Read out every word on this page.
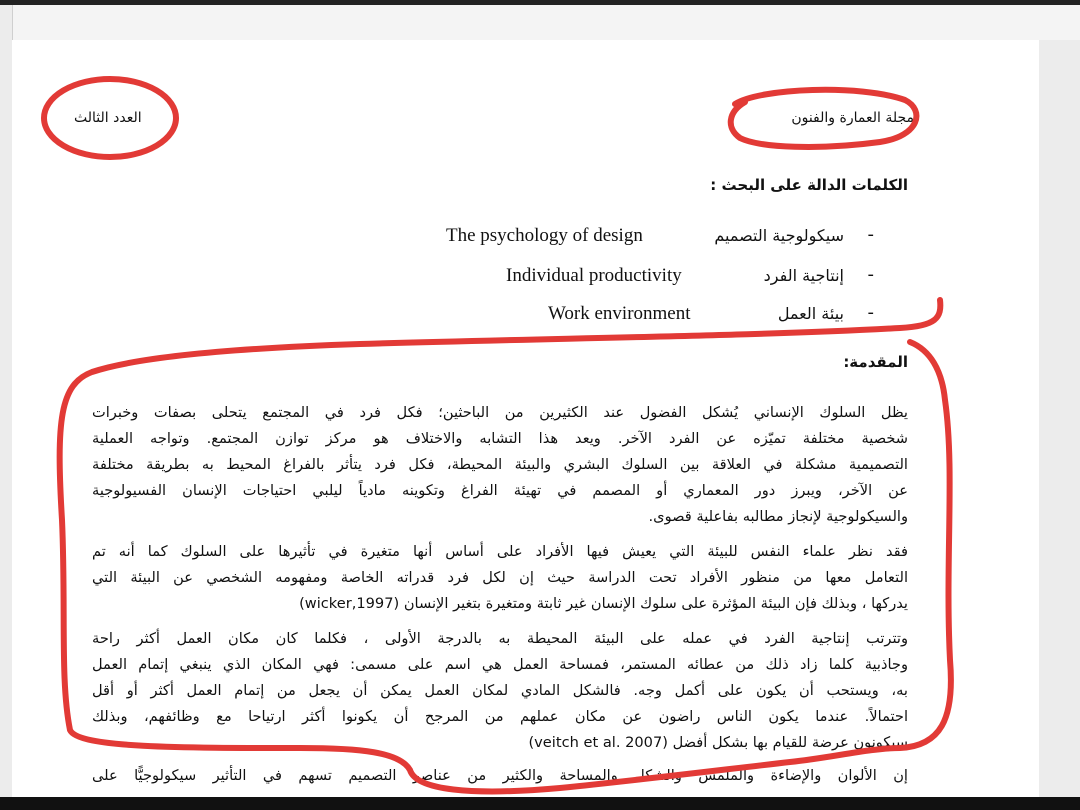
مجلة العمارة والفنون
العدد الثالث
الكلمات الدالة على البحث :
-
سيكولوجية التصميم
The psychology of design
-
إنتاجية الفرد
Individual productivity
-
بيئة العمل
Work environment
المقدمة:
يظل السلوك الإنساني يُشكل الفضول عند الكثيرين من الباحثين؛ فكل فرد في المجتمع يتحلى بصفات وخبرات
شخصية مختلفة تميّزه عن الفرد الآخر. ويعد هذا التشابه والاختلاف هو مركز توازن المجتمع. وتواجه العملية
التصميمية مشكلة في العلاقة بين السلوك البشري والبيئة المحيطة، فكل فرد يتأثر بالفراغ المحيط به بطريقة مختلفة
عن الآخر، ويبرز دور المعماري أو المصمم في تهيئة الفراغ وتكوينه مادياً ليلبي احتياجات الإنسان الفسيولوجية
والسيكولوجية لإنجاز مطالبه بفاعلية قصوى.
فقد نظر علماء النفس للبيئة التي يعيش فيها الأفراد على أساس أنها متغيرة في تأثيرها على السلوك كما أنه تم
التعامل معها من منظور الأفراد تحت الدراسة حيث إن لكل فرد قدراته الخاصة ومفهومه الشخصي عن البيئة التي
يدركها ، وبذلك فإن البيئة المؤثرة على سلوك الإنسان غير ثابتة ومتغيرة بتغير الإنسان (wicker,1997)
وتترتب إنتاجية الفرد في عمله على البيئة المحيطة به بالدرجة الأولى ، فكلما كان مكان العمل أكثر راحة
وجاذبية كلما زاد ذلك من عطائه المستمر، فمساحة العمل هي اسم على مسمى: فهي المكان الذي ينبغي إتمام العمل
به، ويستحب أن يكون على أكمل وجه. فالشكل المادي لمكان العمل يمكن أن يجعل من إتمام العمل أكثر أو أقل
احتمالاً. عندما يكون الناس راضون عن مكان عملهم من المرجح أن يكونوا أكثر ارتياحا مع وظائفهم، وبذلك
سيكونون عرضة للقيام بها بشكل أفضل (veitch et al. 2007)
إن الألوان والإضاءة والملمس والشكل والمساحة والكثير من عناصر التصميم تسهم في التأثير سيكولوجيًّا على
